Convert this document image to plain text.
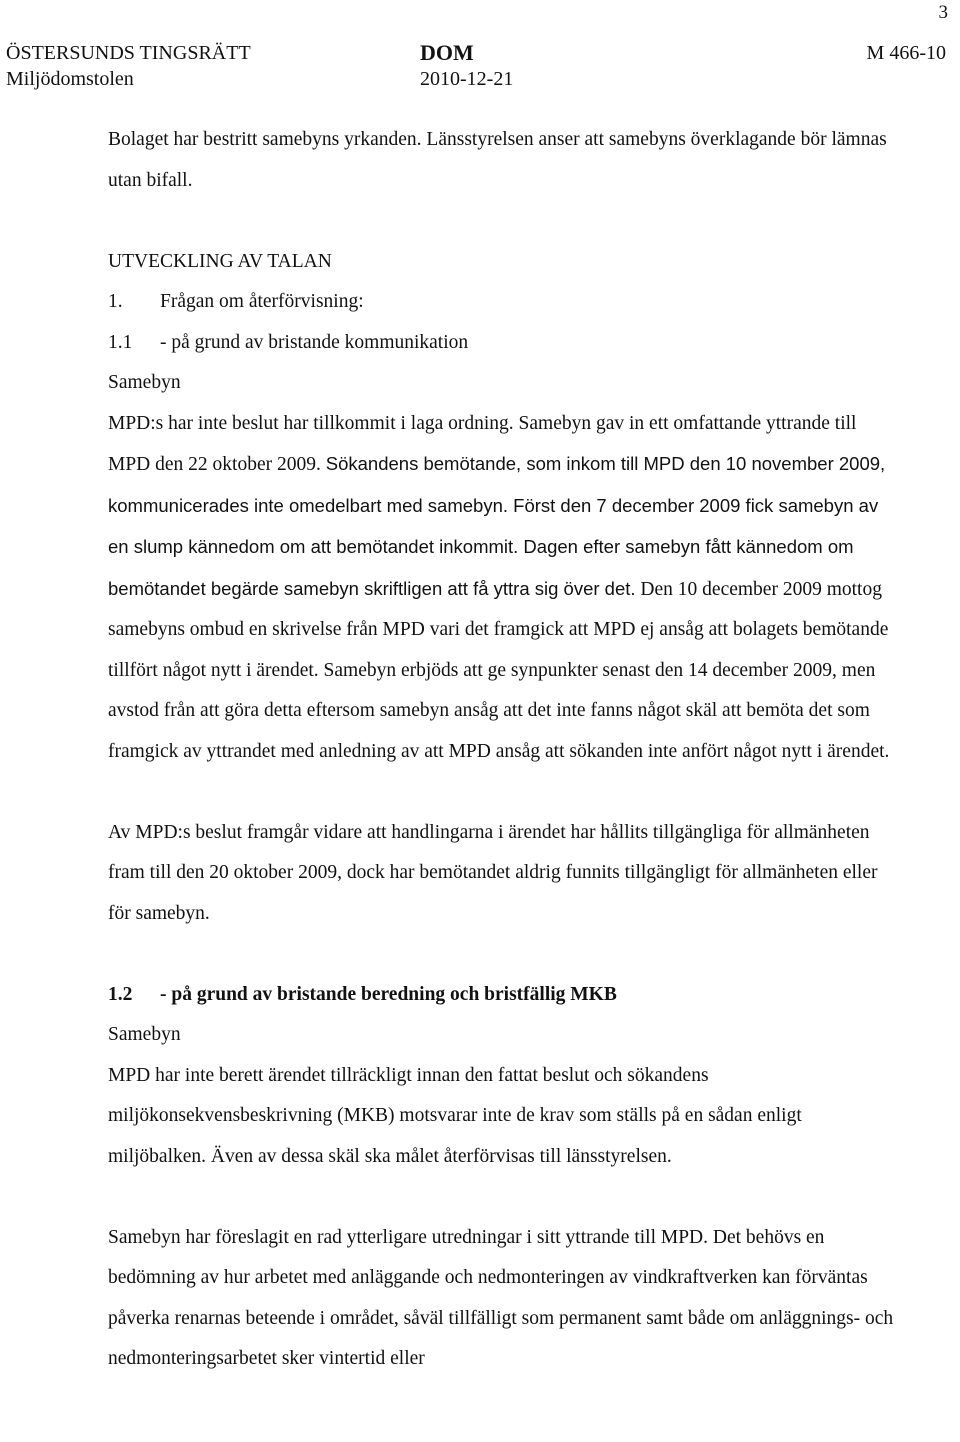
3
ÖSTERSUNDS TINGSRÄTT
Miljödomstolen
DOM
2010-12-21
M 466-10

Bolaget har bestritt samebyns yrkanden. Länsstyrelsen anser att samebyns överklagande bör lämnas utan bifall.

UTVECKLING AV TALAN

1. Frågan om återförvisning:

1.1 - på grund av bristande kommunikation

Samebyn

MPD:s har inte beslut har tillkommit i laga ordning. Samebyn gav in ett omfattande yttrande till MPD den 22 oktober 2009. Sökandens bemötande, som inkom till MPD den 10 november 2009, kommunicerades inte omedelbart med samebyn. Först den 7 december 2009 fick samebyn av en slump kännedom om att bemötandet inkommit. Dagen efter samebyn fått kännedom om bemötandet begärde samebyn skriftligen att få yttra sig över det. Den 10 december 2009 mottog samebyns ombud en skrivelse från MPD vari det framgick att MPD ej ansåg att bolagets bemötande tillfört något nytt i ärendet. Samebyn erbjöds att ge synpunkter senast den 14 december 2009, men avstod från att göra detta eftersom samebyn ansåg att det inte fanns något skäl att bemöta det som framgick av yttrandet med anledning av att MPD ansåg att sökanden inte anfört något nytt i ärendet.

Av MPD:s beslut framgår vidare att handlingarna i ärendet har hållits tillgängliga för allmänheten fram till den 20 oktober 2009, dock har bemötandet aldrig funnits tillgängligt för allmänheten eller för samebyn.

1.2 - på grund av bristande beredning och bristfällig MKB

Samebyn

MPD har inte berett ärendet tillräckligt innan den fattat beslut och sökandens miljökonsekvensbeskrivning (MKB) motsvarar inte de krav som ställs på en sådan enligt miljöbalken. Även av dessa skäl ska målet återförvisas till länsstyrelsen.

Samebyn har föreslagit en rad ytterligare utredningar i sitt yttrande till MPD. Det behövs en bedömning av hur arbetet med anläggande och nedmonteringen av vindkraftverken kan förväntas påverka renarnas beteende i området, såväl tillfälligt som permanent samt både om anläggnings- och nedmonteringsarbetet sker vintertid eller
